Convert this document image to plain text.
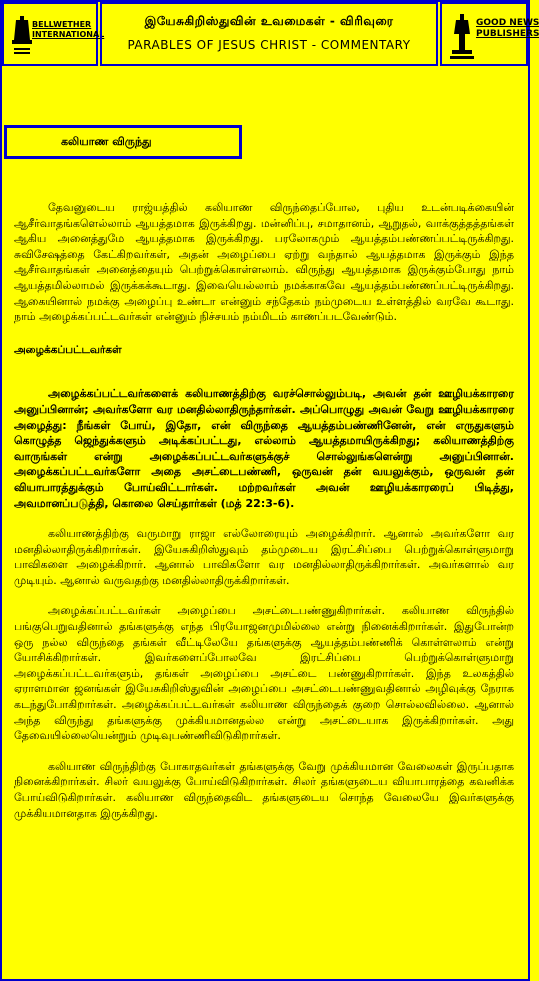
BELLWETHER INTERNATIONAL
இயேசுகிறிஸ்துவின் உவமைகள் - விரிவுரை
PARABLES OF JESUS CHRIST - COMMENTARY
GOOD NEWS PUBLISHERS
கலியாண விருந்து

தேவனுடைய ராஜ்யத்தில் கலியாண விருந்தைப்போல, புதிய உடன்படிக்கையின் ஆசீர்வாதங்களெல்லாம் ஆயத்தமாக இருக்கிறது. மன்னிப்பு, சமாதானம், ஆறுதல், வாக்குத்தத்தங்கள் ஆகிய அனைத்துமே ஆயத்தமாக இருக்கிறது. பரலோகமும் ஆயத்தம்பண்ணப்பட்டிருக்கிறது. சுவிசேஷத்தை கேட்கிறவர்கள், அதன் அழைப்பை ஏற்று வந்தால் ஆயத்தமாக இருக்கும் இந்த ஆசீர்வாதங்கள் அனைத்தையும் பெற்றுக்கொள்ளலாம். விருந்து ஆயத்தமாக இருக்கும்போது நாம் ஆயத்தமில்லாமல் இருக்கக்கூடாது. இவையெல்லாம் நமக்காகவே ஆயத்தம்பண்ணப்பட்டிருக்கிறது. ஆகையினால் நமக்கு அழைப்பு உண்டா என்னும் சந்தேகம் நம்முடைய உள்ளத்தில் வரவே கூடாது. நாம் அழைக்கப்பட்டவர்கள் என்னும் நிச்சயம் நம்மிடம் காணப்படவேண்டும்.

அழைக்கப்பட்டவர்கள்

அழைக்கப்பட்டவர்களைக் கலியாணத்திற்கு வரச்சொல்லும்படி, அவன் தன் ஊழியக்காரரை அனுப்பினான்; அவர்களோ வர மனதில்லாதிருந்தார்கள். அப்பொழுது அவன் வேறு ஊழியக்காரரை அழைத்து: நீங்கள் போய், இதோ, என் விருந்தை ஆயத்தம்பண்ணினேன், என் எருதுகளும் கொழுத்த ஜெந்துக்களும் அடிக்கப்பட்டது, எல்லாம் ஆயத்தமாயிருக்கிறது; கலியாணத்திற்கு வாருங்கள் என்று அழைக்கப்பட்டவர்களுக்குச் சொல்லுங்களென்று அனுப்பினான். அழைக்கப்பட்டவர்களோ அதை அசட்டைபண்ணி, ஒருவன் தன் வயலுக்கும், ஒருவன் தன் வியாபாரத்துக்கும் போய்விட்டார்கள். மற்றவர்கள் அவன் ஊழியக்காரரைப் பிடித்து, அவமானப்படுத்தி, கொலை செய்தார்கள் (மத் 22:3-6).

கலியாணத்திற்கு வருமாறு ராஜா எல்லோரையும் அழைக்கிறார். ஆனால் அவர்களோ வர மனதில்லாதிருக்கிறார்கள். இயேசுகிறிஸ்துவும் தம்முடைய இரட்சிப்பை பெற்றுக்கொள்ளுமாறு பாவிகளை அழைக்கிறார். ஆனால் பாவிகளோ வர மனதில்லாதிருக்கிறார்கள். அவர்களால் வர முடியும். ஆனால் வருவதற்கு மனதில்லாதிருக்கிறார்கள்.

அழைக்கப்பட்டவர்கள் அழைப்பை அசட்டைபண்ணுகிறார்கள். கலியாண விருந்தில் பங்குபெறுவதினால் தங்களுக்கு எந்த பிரயோஜனமுமில்லை என்று நினைக்கிறார்கள். இதுபோன்ற ஒரு நல்ல விருந்தை தங்கள் வீட்டிலேயே தங்களுக்கு ஆயத்தம்பண்ணிக் கொள்ளலாம் என்று யோசிக்கிறார்கள். இவர்களைப்போலவே இரட்சிப்பை பெற்றுக்கொள்ளுமாறு அழைக்கப்பட்டவர்களும், தங்கள் அழைப்பை அசட்டை பண்ணுகிறார்கள். இந்த உலகத்தில் ஏராளமான ஜனங்கள் இயேசுகிறிஸ்துவின் அழைப்பை அசட்டைபண்ணுவதினால் அழிவுக்கு நேராக கடந்துபோகிறார்கள். அழைக்கப்பட்டவர்கள் கலியாண விருந்தைக் குறை சொல்லவில்லை. ஆனால் அந்த விருந்து தங்களுக்கு முக்கியமானதல்ல என்று அசட்டையாக இருக்கிறார்கள். அது தேவையில்லையென்றும் முடிவுபண்ணிவிடுகிறார்கள்.

கலியாண விருந்திற்கு போகாதவர்கள் தங்களுக்கு வேறு முக்கியமான வேலைகள் இருப்பதாக நினைக்கிறார்கள். சிலர் வயலுக்கு போய்விடுகிறார்கள். சிலர் தங்களுடைய வியாபாரத்தை கவனிக்க போய்விடுகிறார்கள். கலியாண விருந்தைவிட தங்களுடைய சொந்த வேலையே இவர்களுக்கு முக்கியமானதாக இருக்கிறது.
